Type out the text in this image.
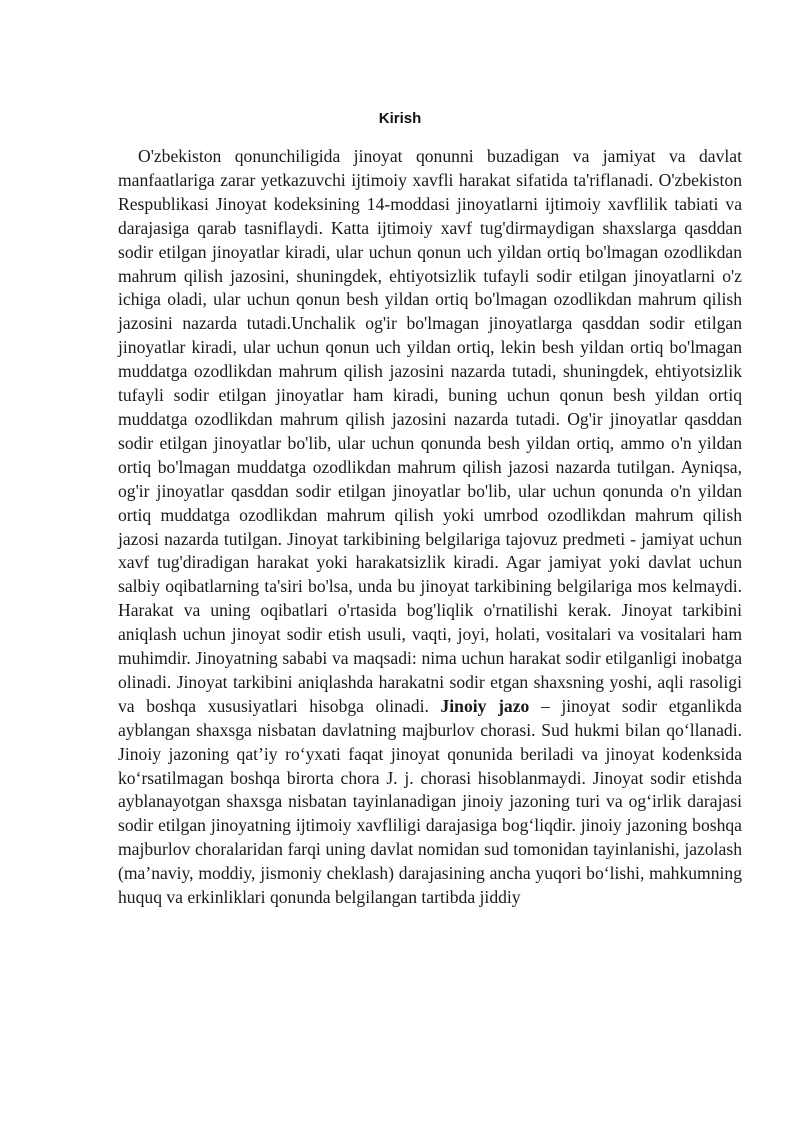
Kirish

O'zbekiston qonunchiligida jinoyat qonunni buzadigan va jamiyat va davlat manfaatlariga zarar yetkazuvchi ijtimoiy xavfli harakat sifatida ta'riflanadi. O'zbekiston Respublikasi Jinoyat kodeksining 14-moddasi jinoyatlarni ijtimoiy xavflilik tabiati va darajasiga qarab tasniflaydi. Katta ijtimoiy xavf tug'dirmaydigan shaxslarga qasddan sodir etilgan jinoyatlar kiradi, ular uchun qonun uch yildan ortiq bo'lmagan ozodlikdan mahrum qilish jazosini, shuningdek, ehtiyotsizlik tufayli sodir etilgan jinoyatlarni o'z ichiga oladi, ular uchun qonun besh yildan ortiq bo'lmagan ozodlikdan mahrum qilish jazosini nazarda tutadi.Unchalik og'ir bo'lmagan jinoyatlarga qasddan sodir etilgan jinoyatlar kiradi, ular uchun qonun uch yildan ortiq, lekin besh yildan ortiq bo'lmagan muddatga ozodlikdan mahrum qilish jazosini nazarda tutadi, shuningdek, ehtiyotsizlik tufayli sodir etilgan jinoyatlar ham kiradi, buning uchun qonun besh yildan ortiq muddatga ozodlikdan mahrum qilish jazosini nazarda tutadi. Og'ir jinoyatlar qasddan sodir etilgan jinoyatlar bo'lib, ular uchun qonunda besh yildan ortiq, ammo o'n yildan ortiq bo'lmagan muddatga ozodlikdan mahrum qilish jazosi nazarda tutilgan. Ayniqsa, og'ir jinoyatlar qasddan sodir etilgan jinoyatlar bo'lib, ular uchun qonunda o'n yildan ortiq muddatga ozodlikdan mahrum qilish yoki umrbod ozodlikdan mahrum qilish jazosi nazarda tutilgan. Jinoyat tarkibining belgilariga tajovuz predmeti - jamiyat uchun xavf tug'diradigan harakat yoki harakatsizlik kiradi. Agar jamiyat yoki davlat uchun salbiy oqibatlarning ta'siri bo'lsa, unda bu jinoyat tarkibining belgilariga mos kelmaydi. Harakat va uning oqibatlari o'rtasida bog'liqlik o'rnatilishi kerak. Jinoyat tarkibini aniqlash uchun jinoyat sodir etish usuli, vaqti, joyi, holati, vositalari va vositalari ham muhimdir. Jinoyatning sababi va maqsadi: nima uchun harakat sodir etilganligi inobatga olinadi. Jinoyat tarkibini aniqlashda harakatni sodir etgan shaxsning yoshi, aqli rasoligi va boshqa xususiyatlari hisobga olinadi. Jinoiy jazo – jinoyat sodir etganlikda ayblangan shaxsga nisbatan davlatning majburlov chorasi. Sud hukmi bilan qo‘llanadi. Jinoiy jazoning qat’iy ro‘yxati faqat jinoyat qonunida beriladi va jinoyat kodenksida ko‘rsatilmagan boshqa birorta chora J. j. chorasi hisoblanmaydi. Jinoyat sodir etishda ayblanayotgan shaxsga nisbatan tayinlanadigan jinoiy jazoning turi va og‘irlik darajasi sodir etilgan jinoyatning ijtimoiy xavfliligi darajasiga bog‘liqdir. jinoiy jazoning boshqa majburlov choralaridan farqi uning davlat nomidan sud tomonidan tayinlanishi, jazolash (ma’naviy, moddiy, jismoniy cheklash) darajasining ancha yuqori bo‘lishi, mahkumning huquq va erkinliklari qonunda belgilangan tartibda jiddiy
